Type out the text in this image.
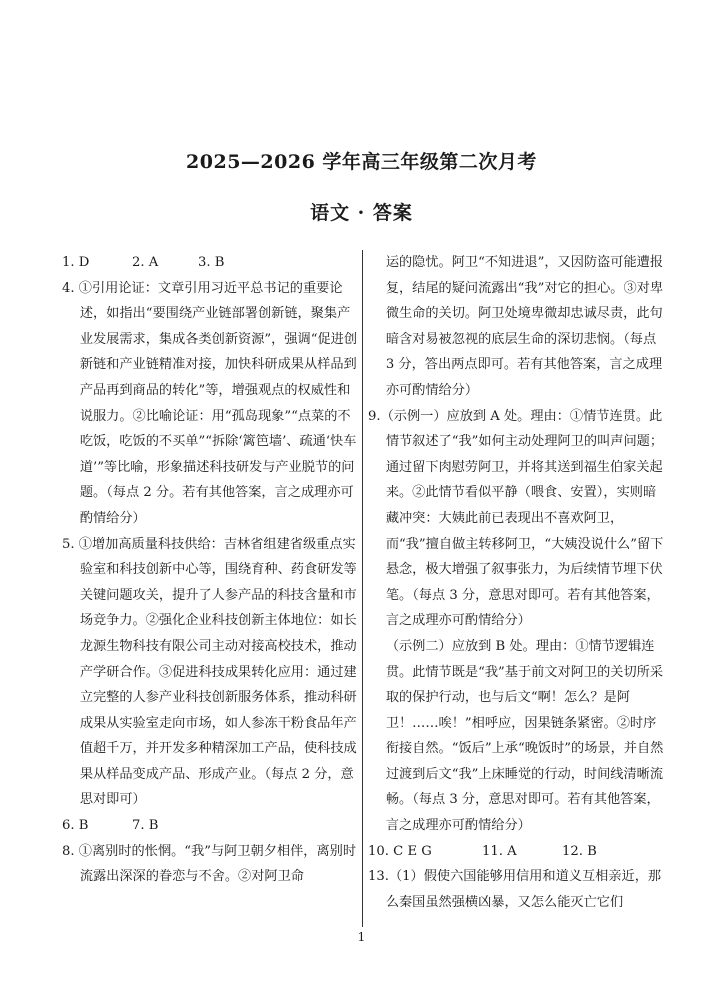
2025—2026 学年高三年级第二次月考
语文 · 答案
1. D	2. A	3. B

4. ①引用论证：文章引用习近平总书记的重要论述，如指出“要围绕产业链部署创新链，聚集产业发展需求，集成各类创新资源”，强调“促进创新链和产业链精准对接，加快科研成果从样品到产品再到商品的转化”等，增强观点的权威性和说服力。②比喻论证：用“孤岛现象”“点菜的不吃饭，吃饭的不买单”“拆除‘篱笆墙’、疏通‘快车道’”等比喻，形象描述科技研发与产业脱节的问题。（每点 2 分。若有其他答案，言之成理亦可酌情给分）

5. ①增加高质量科技供给：吉林省组建省级重点实验室和科技创新中心等，围绕育种、药食研发等关键问题攻关，提升了人参产品的科技含量和市场竞争力。②强化企业科技创新主体地位：如长龙源生物科技有限公司主动对接高校技术，推动产学研合作。③促进科技成果转化应用：通过建立完整的人参产业科技创新服务体系，推动科研成果从实验室走向市场，如人参冻干粉食品年产值超千万，并开发多种精深加工产品，使科技成果从样品变成产品、形成产业。（每点 2 分，意思对即可）

6. B	7. B

8. ①离别时的怅惘。“我”与阿卫朝夕相伴，离别时流露出深深的眷恋与不舍。②对阿卫命

运的隐忧。阿卫“不知进退”，又因防盗可能遭报复，结尾的疑问流露出“我”对它的担心。③对卑微生命的关切。阿卫处境卑微却忠诚尽责，此句暗含对易被忽视的底层生命的深切悲悯。（每点 3 分，答出两点即可。若有其他答案，言之成理亦可酌情给分）

9.（示例一）应放到 A 处。理由：①情节连贯。此情节叙述了“我”如何主动处理阿卫的叫声问题；通过留下肉慰劳阿卫，并将其送到福生伯家关起来。②此情节看似平静（喂食、安置），实则暗藏冲突：大姨此前已表现出不喜欢阿卫，而“我”擅自做主转移阿卫，“大姨没说什么”留下悬念，极大增强了叙事张力，为后续情节埋下伏笔。（每点 3 分，意思对即可。若有其他答案，言之成理亦可酌情给分）

（示例二）应放到 B 处。理由：①情节逻辑连贯。此情节既是“我”基于前文对阿卫的关切所采取的保护行动，也与后文“啊！怎么？是阿卫！……唉！”相呼应，因果链条紧密。②时序衔接自然。“饭后”上承“晚饭时”的场景，并自然过渡到后文“我”上床睡觉的行动，时间线清晰流畅。（每点 3 分，意思对即可。若有其他答案，言之成理亦可酌情给分）

10. C E G	11. A	12. B

13.（1）假使六国能够用信用和道义互相亲近，那么秦国虽然强横凶暴，又怎么能灭亡它们

1
